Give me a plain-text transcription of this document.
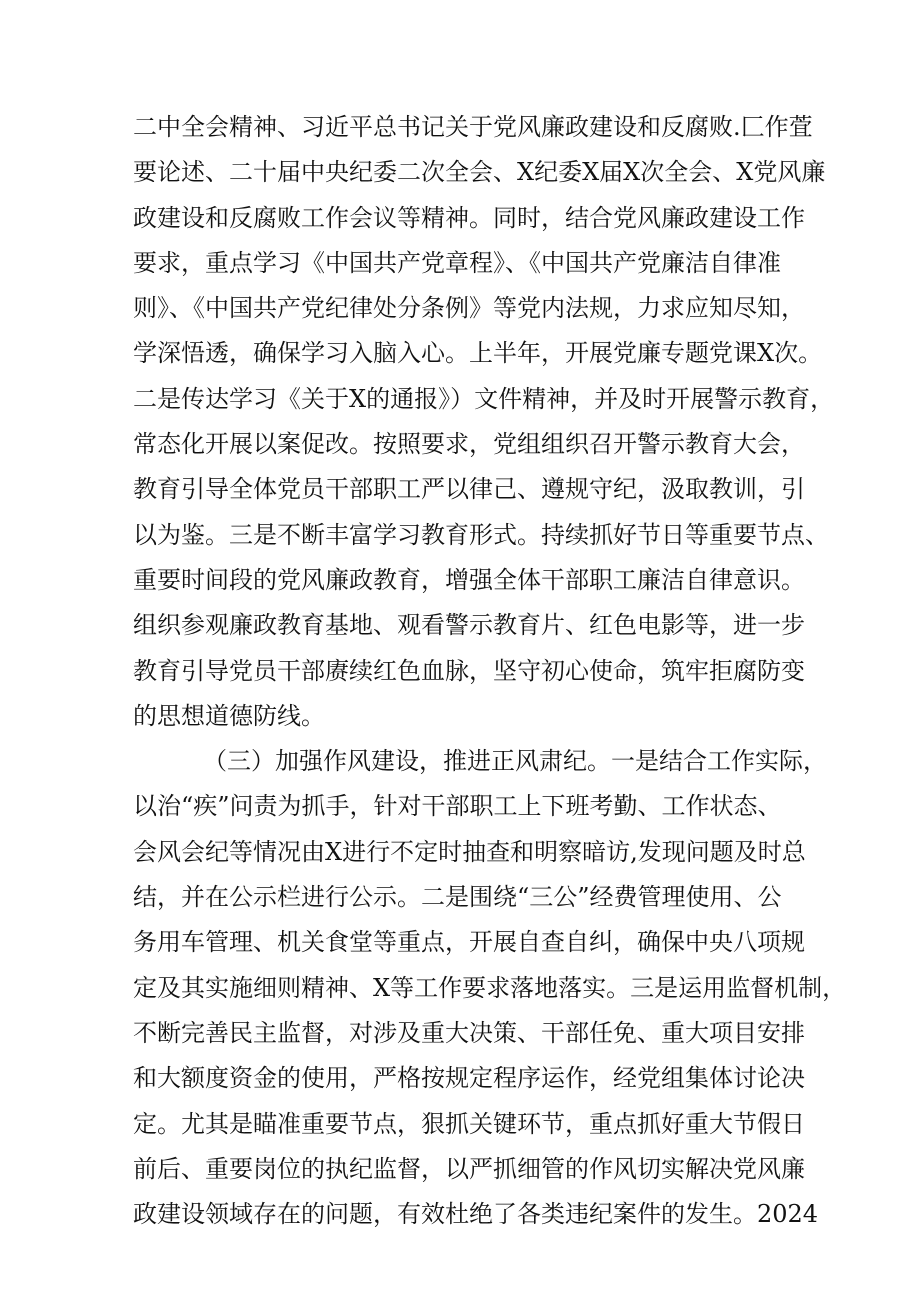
二中全会精神、习近平总书记关于党风廉政建设和反腐败.匚作萓
要论述、二十届中央纪委二次全会、X纪委X届X次全会、X党风廉
政建设和反腐败工作会议等精神。同时，结合党风廉政建设工作
要求，重点学习《中国共产党章程》、《中国共产党廉洁自律准
则》、《中国共产党纪律处分条例》等党内法规，力求应知尽知，
学深悟透，确保学习入脑入心。上半年，开展党廉专题党课X次。
二是传达学习《关于X的通报》）文件精神，并及时开展警示教育，
常态化开展以案促改。按照要求，党组组织召开警示教育大会，
教育引导全体党员干部职工严以律己、遵规守纪，汲取教训，引
以为鉴。三是不断丰富学习教育形式。持续抓好节日等重要节点、
重要时间段的党风廉政教育，增强全体干部职工廉洁自律意识。
组织参观廉政教育基地、观看警示教育片、红色电影等，进一步
教育引导党员干部赓续红色血脉，坚守初心使命，筑牢拒腐防变
的思想道德防线。
（三）加强作风建设，推进正风肃纪。一是结合工作实际，
以治“疾”问责为抓手，针对干部职工上下班考勤、工作状态、
会风会纪等情况由X进行不定时抽查和明察暗访,发现问题及时总
结，并在公示栏进行公示。二是围绕“三公”经费管理使用、公
务用车管理、机关食堂等重点，开展自查自纠，确保中央八项规
定及其实施细则精神、X等工作要求落地落实。三是运用监督机制，
不断完善民主监督，对涉及重大决策、干部任免、重大项目安排
和大额度资金的使用，严格按规定程序运作，经党组集体讨论决
定。尤其是瞄准重要节点，狠抓关键环节，重点抓好重大节假日
前后、重要岗位的执纪监督，以严抓细管的作风切实解决党风廉
政建设领域存在的问题，有效杜绝了各类违纪案件的发生。2024
